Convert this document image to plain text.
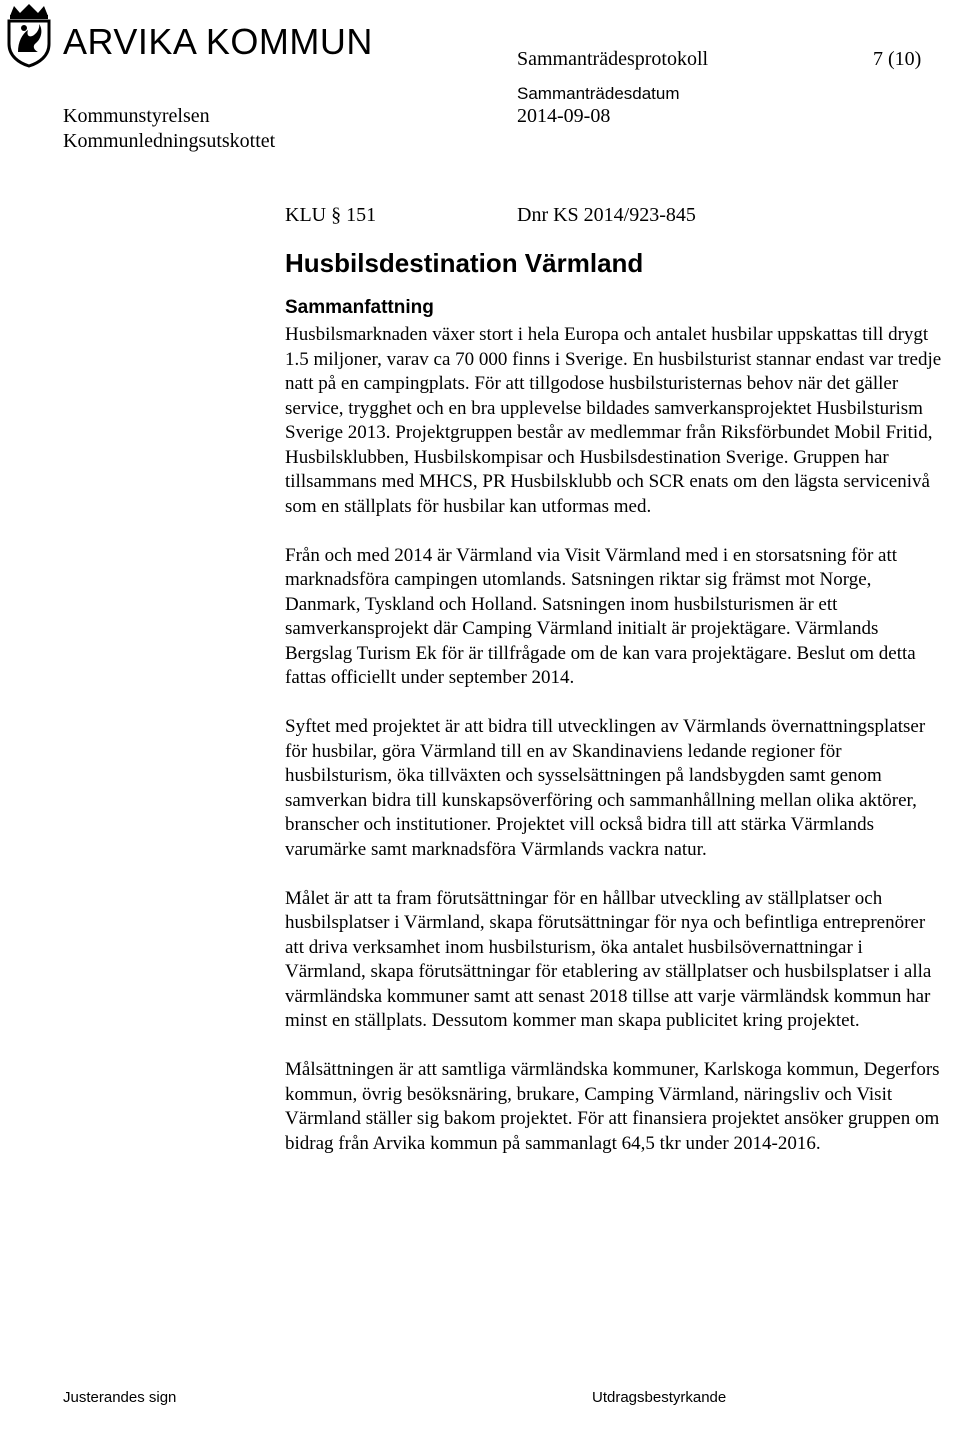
ARVIKA KOMMUN	Sammanträdesprotokoll	7 (10)
Kommunstyrelsen
Kommunledningsutskottet
Sammanträdesdatum
2014-09-08
KLU § 151	Dnr KS 2014/923-845
Husbilsdestination Värmland
Sammanfattning

Husbilsmarknaden växer stort i hela Europa och antalet husbilar uppskattas till drygt 1.5 miljoner, varav ca 70 000 finns i Sverige. En husbilsturist stannar endast var tredje natt på en campingplats. För att tillgodose husbilsturisternas behov när det gäller service, trygghet och en bra upplevelse bildades samverkansprojektet Husbilsturism Sverige 2013. Projektgruppen består av medlemmar från Riksförbundet Mobil Fritid, Husbilsklubben, Husbilskompisar och Husbilsdestination Sverige. Gruppen har tillsammans med MHCS, PR Husbilsklubb och SCR enats om den lägsta servicenivå som en ställplats för husbilar kan utformas med.

Från och med 2014 är Värmland via Visit Värmland med i en storsatsning för att marknadsföra campingen utomlands. Satsningen riktar sig främst mot Norge, Danmark, Tyskland och Holland. Satsningen inom husbilsturismen är ett samverkansprojekt där Camping Värmland initialt är projektägare. Värmlands Bergslag Turism Ek för är tillfrågade om de kan vara projektägare. Beslut om detta fattas officiellt under september 2014.

Syftet med projektet är att bidra till utvecklingen av Värmlands övernattningsplatser för husbilar, göra Värmland till en av Skandinaviens ledande regioner för husbilsturism, öka tillväxten och sysselsättningen på landsbygden samt genom samverkan bidra till kunskapsöverföring och sammanhållning mellan olika aktörer, branscher och institutioner. Projektet vill också bidra till att stärka Värmlands varumärke samt marknadsföra Värmlands vackra natur.

Målet är att ta fram förutsättningar för en hållbar utveckling av ställplatser och husbilsplatser i Värmland, skapa förutsättningar för nya och befintliga entreprenörer att driva verksamhet inom husbilsturism, öka antalet husbilsövernattningar i Värmland, skapa förutsättningar för etablering av ställplatser och husbilsplatser i alla värmländska kommuner samt att senast 2018 tillse att varje värmländsk kommun har minst en ställplats. Dessutom kommer man skapa publicitet kring projektet.

Målsättningen är att samtliga värmländska kommuner, Karlskoga kommun, Degerfors kommun, övrig besöksnäring, brukare, Camping Värmland, näringsliv och Visit Värmland ställer sig bakom projektet. För att finansiera projektet ansöker gruppen om bidrag från Arvika kommun på sammanlagt 64,5 tkr under 2014-2016.

Justerandes sign	Utdragsbestyrkande
